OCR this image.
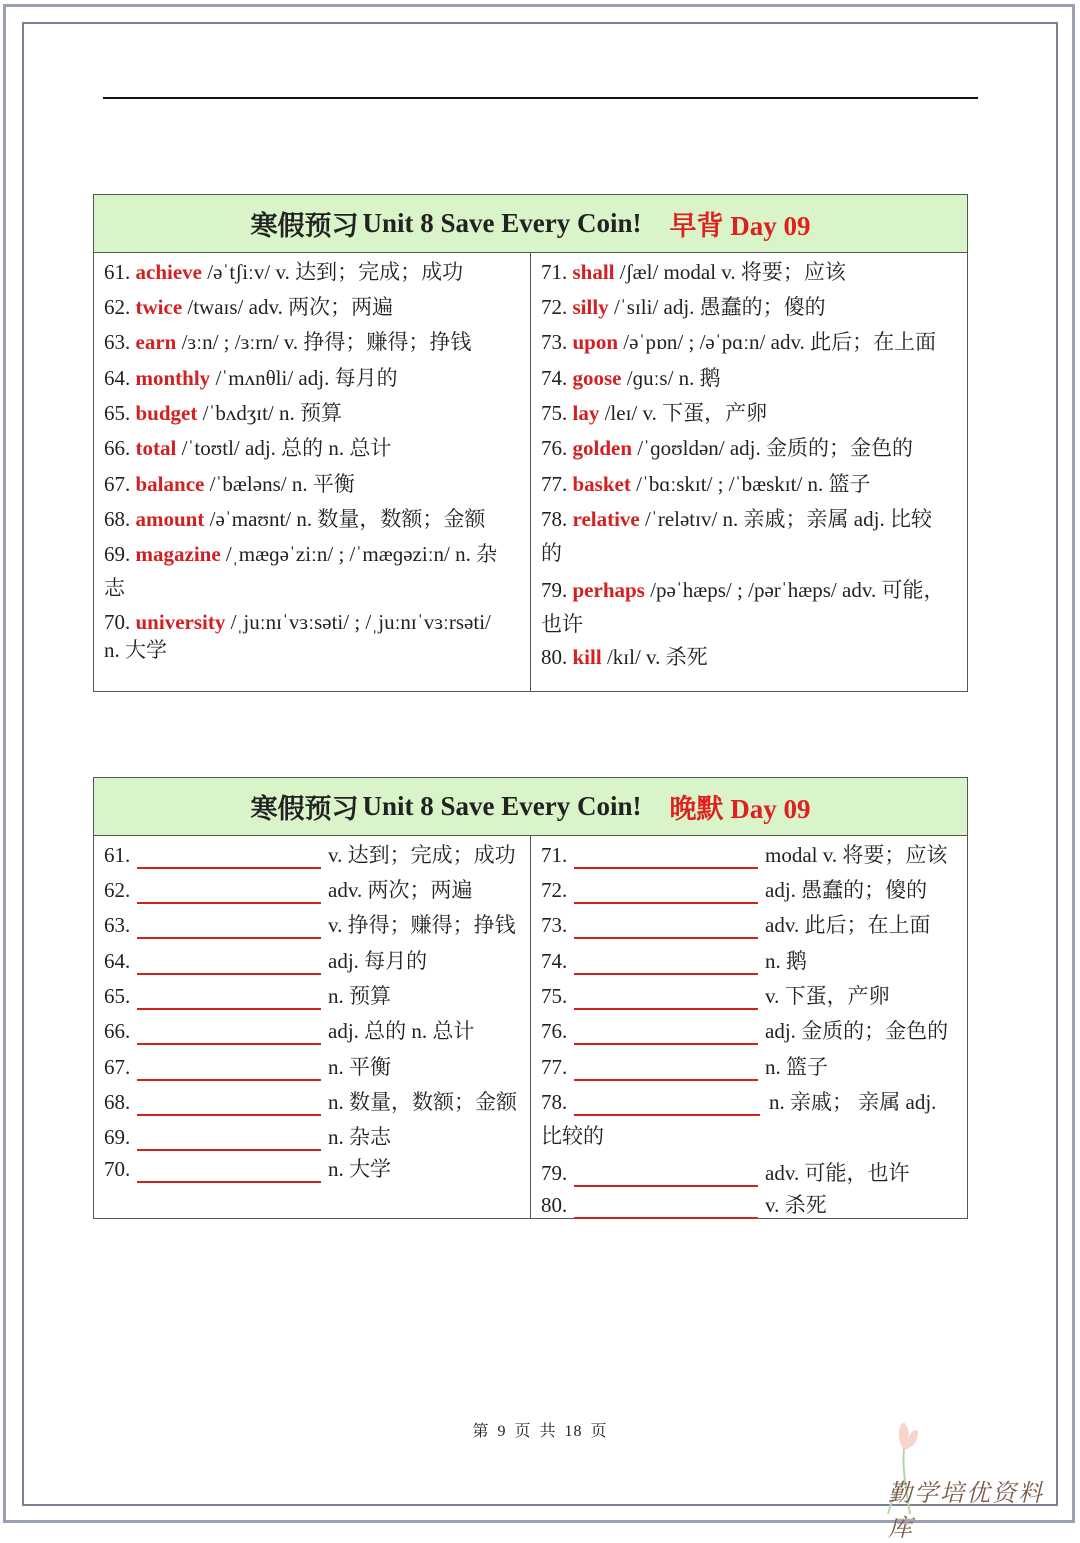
寒假预习 Unit 8 Save Every Coin! 早背 Day 09
61. achieve /əˈtʃiːv/ v. 达到；完成；成功
62. twice /twaɪs/ adv. 两次；两遍
63. earn /ɜːn/ ; /ɜːrn/ v. 挣得；赚得；挣钱
64. monthly /ˈmʌnθli/ adj. 每月的
65. budget /ˈbʌdʒɪt/ n. 预算
66. total /ˈtoʊtl/ adj. 总的 n. 总计
67. balance /ˈbæləns/ n. 平衡
68. amount /əˈmaʊnt/ n. 数量，数额；金额
69. magazine /ˌmæɡəˈziːn/ ; /ˈmæɡəziːn/ n. 杂
志
70. university /ˌjuːnɪˈvɜːsəti/ ; /ˌjuːnɪˈvɜːrsəti/
n. 大学
71. shall /ʃæl/ modal v. 将要；应该
72. silly /ˈsɪli/ adj. 愚蠢的；傻的
73. upon /əˈpɒn/ ; /əˈpɑːn/ adv. 此后；在上面
74. goose /ɡuːs/ n. 鹅
75. lay /leɪ/ v. 下蛋，产卵
76. golden /ˈɡoʊldən/ adj. 金质的；金色的
77. basket /ˈbɑːskɪt/ ; /ˈbæskɪt/ n. 篮子
78. relative /ˈrelətɪv/ n. 亲戚；亲属 adj. 比较
的
79. perhaps /pəˈhæps/ ; /pərˈhæps/ adv. 可能，
也许
80. kill /kɪl/ v. 杀死
寒假预习 Unit 8 Save Every Coin! 晚默 Day 09
61.	v. 达到；完成；成功
62.	adv. 两次；两遍
63.	v. 挣得；赚得；挣钱
64.	adj. 每月的
65.	n. 预算
66.	adj. 总的 n. 总计
67.	n. 平衡
68.	n. 数量，数额；金额
69.	n. 杂志
70.	n. 大学
71.	modal v. 将要；应该
72.	adj. 愚蠢的；傻的
73.	adv. 此后；在上面
74.	n. 鹅
75.	v. 下蛋，产卵
76.	adj. 金质的；金色的
77.	n. 篮子
78.	n. 亲戚； 亲属 adj.
比较的
79.	adv. 可能，也许
80.	v. 杀死
第 9 页 共 18 页
勤学培优资料库
